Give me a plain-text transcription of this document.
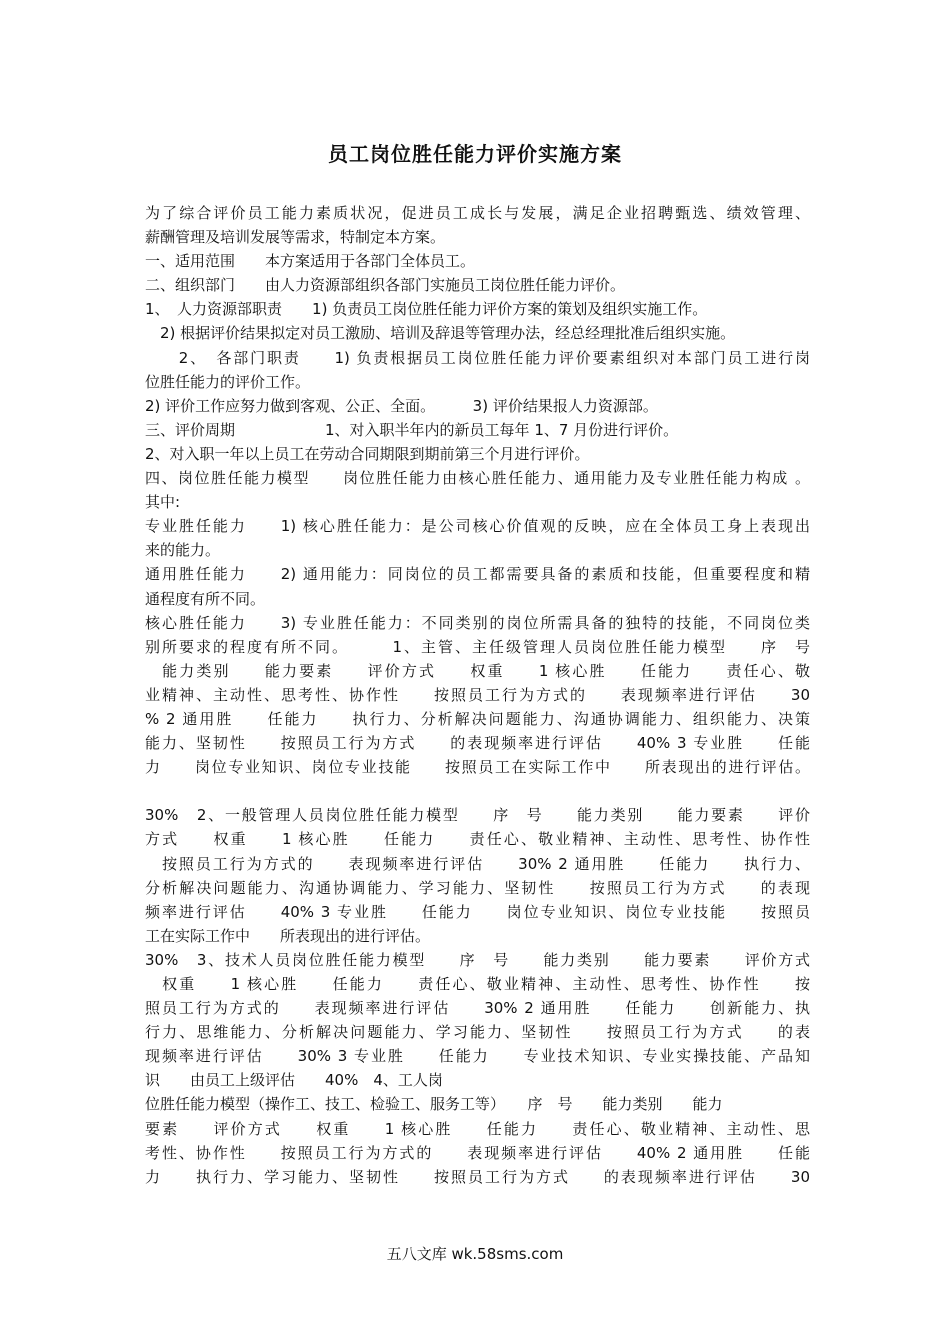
员工岗位胜任能力评价实施方案
为了综合评价员工能力素质状况，促进员工成长与发展，满足企业招聘甄选、绩效管理、
薪酬管理及培训发展等需求，特制定本方案。
一、适用范围　　本方案适用于各部门全体员工。
二、组织部门　　由人力资源部组织各部门实施员工岗位胜任能力评价。
1、　人力资源部职责　　1) 负责员工岗位胜任能力评价方案的策划及组织实施工作。
　2) 根据评价结果拟定对员工激励、培训及辞退等管理办法，经总经理批准后组织实施。
　　2、　各部门职责　　1) 负责根据员工岗位胜任能力评价要素组织对本部门员工进行岗
位胜任能力的评价工作。
2) 评价工作应努力做到客观、公正、全面。　　　3) 评价结果报人力资源部。
三、评价周期　　　　　　1、对入职半年内的新员工每年 1、7 月份进行评价。
2、对入职一年以上员工在劳动合同期限到期前第三个月进行评价。
四、岗位胜任能力模型　　岗位胜任能力由核心胜任能力、通用能力及专业胜任能力构成 。
其中:
专业胜任能力　　1) 核心胜任能力：是公司核心价值观的反映，应在全体员工身上表现出
来的能力。
通用胜任能力　　2) 通用能力：同岗位的员工都需要具备的素质和技能，但重要程度和精
通程度有所不同。
核心胜任能力　　3) 专业胜任能力：不同类别的岗位所需具备的独特的技能，不同岗位类
别所要求的程度有所不同。　　　1、主管、主任级管理人员岗位胜任能力模型　　序　号
　能力类别　　能力要素　　评价方式　　权重　　1 核心胜　　任能力　　责任心、敬
业精神、主动性、思考性、协作性　　按照员工行为方式的　　表现频率进行评估　　30
% 2 通用胜　　任能力　　执行力、分析解决问题能力、沟通协调能力、组织能力、决策
能力、坚韧性　　按照员工行为方式　　的表现频率进行评估　　40% 3 专业胜　　任能
力　　岗位专业知识、岗位专业技能　　按照员工在实际工作中　　所表现出的进行评估。
30%　2、一般管理人员岗位胜任能力模型　　序　号　　能力类别　　能力要素　　评价
方式　　权重　　1 核心胜　　任能力　　责任心、敬业精神、主动性、思考性、协作性
　按照员工行为方式的　　表现频率进行评估　　30% 2 通用胜　　任能力　　执行力、
分析解决问题能力、沟通协调能力、学习能力、坚韧性　　按照员工行为方式　　的表现
频率进行评估　　40% 3 专业胜　　任能力　　岗位专业知识、岗位专业技能　　按照员
工在实际工作中　　所表现出的进行评估。
30%　3、技术人员岗位胜任能力模型　　序　号　　能力类别　　能力要素　　评价方式
　权重　　1 核心胜　　任能力　　责任心、敬业精神、主动性、思考性、协作性　　按
照员工行为方式的　　表现频率进行评估　　30% 2 通用胜　　任能力　　创新能力、执
行力、思维能力、分析解决问题能力、学习能力、坚韧性　　按照员工行为方式　　的表
现频率进行评估　　30% 3 专业胜　　任能力　　专业技术知识、专业实操技能、产品知
识　　由员工上级评估　　40%　4、工人岗
位胜任能力模型（操作工、技工、检验工、服务工等）　　序　号　　能力类别　　能力
要素　　评价方式　　权重　　1 核心胜　　任能力　　责任心、敬业精神、主动性、思
考性、协作性　　按照员工行为方式的　　表现频率进行评估　　40% 2 通用胜　　任能
力　　执行力、学习能力、坚韧性　　按照员工行为方式　　的表现频率进行评估　　30
五八文库 wk.58sms.com
